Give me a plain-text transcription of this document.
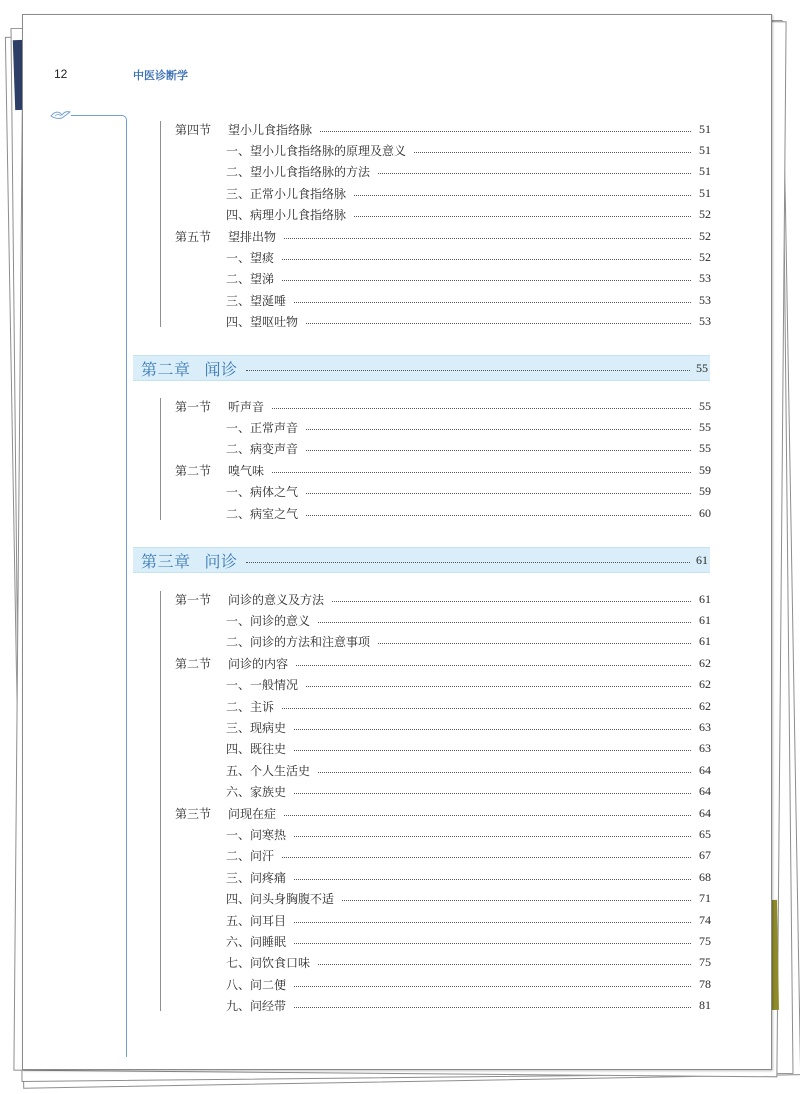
12	中医诊断学
第四节 望小儿食指络脉	51
一、望小儿食指络脉的原理及意义	51
二、望小儿食指络脉的方法	51
三、正常小儿食指络脉	51
四、病理小儿食指络脉	52
第五节 望排出物	52
一、望痰	52
二、望涕	53
三、望涎唾	53
四、望呕吐物	53
第二章 闻诊	55
第一节 听声音	55
一、正常声音	55
二、病变声音	55
第二节 嗅气味	59
一、病体之气	59
二、病室之气	60
第三章 问诊	61
第一节 问诊的意义及方法	61
一、问诊的意义	61
二、问诊的方法和注意事项	61
第二节 问诊的内容	62
一、一般情况	62
二、主诉	62
三、现病史	63
四、既往史	63
五、个人生活史	64
六、家族史	64
第三节 问现在症	64
一、问寒热	65
二、问汗	67
三、问疼痛	68
四、问头身胸腹不适	71
五、问耳目	74
六、问睡眠	75
七、问饮食口味	75
八、问二便	78
九、问经带	81
